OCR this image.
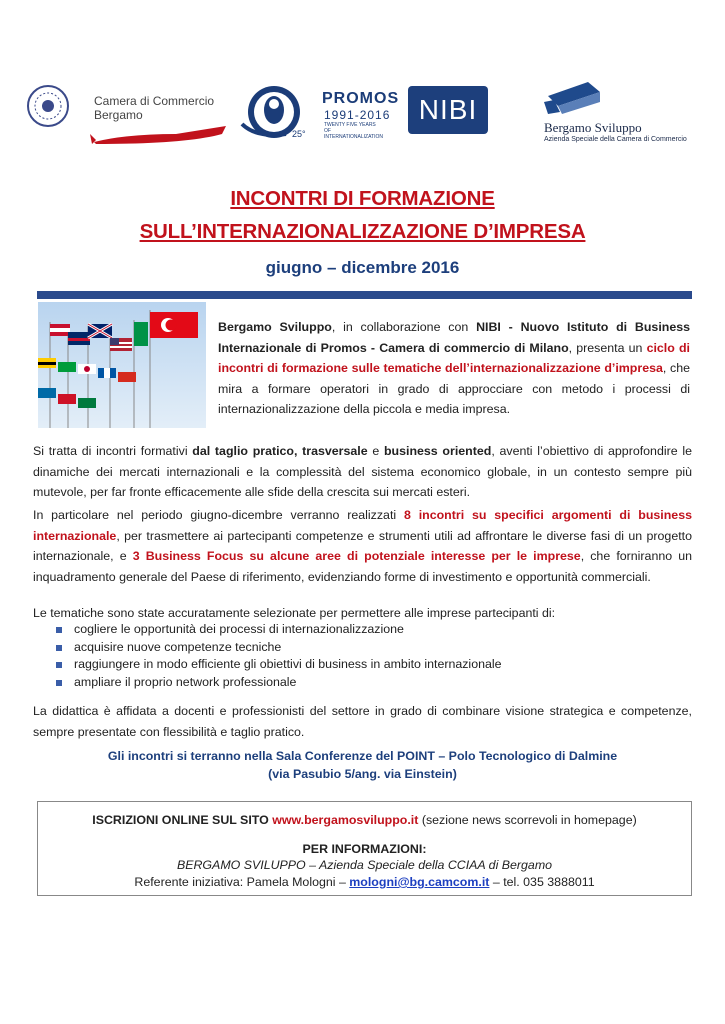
Camera di Commercio
Bergamo
25°
PROMOS
1991-2016
TWENTY FIVE YEARS OF INTERNATIONALIZATION
NIBI
Bergamo Sviluppo
Azienda Speciale della Camera di Commercio
INCONTRI DI FORMAZIONE
SULL’INTERNAZIONALIZZAZIONE D’IMPRESA
giugno – dicembre 2016
Bergamo Sviluppo, in collaborazione con NIBI - Nuovo Istituto di Business Internazionale di Promos - Camera di commercio di Milano, presenta un ciclo di incontri di formazione sulle tematiche dell’internazionalizzazione d’impresa, che mira a formare operatori in grado di approcciare con metodo i processi di internazionalizzazione della piccola e media impresa.
Si tratta di incontri formativi dal taglio pratico, trasversale e business oriented, aventi l’obiettivo di approfondire le dinamiche dei mercati internazionali e la complessità del sistema economico globale, in un contesto sempre più mutevole, per far fronte efficacemente alle sfide della crescita sui mercati esteri.
In particolare nel periodo giugno-dicembre verranno realizzati 8 incontri su specifici argomenti di business internazionale, per trasmettere ai partecipanti competenze e strumenti utili ad affrontare le diverse fasi di un progetto internazionale, e 3 Business Focus su alcune aree di potenziale interesse per le imprese, che forniranno un inquadramento generale del Paese di riferimento, evidenziando forme di investimento e opportunità commerciali.
Le tematiche sono state accuratamente selezionate per permettere alle imprese partecipanti di:
cogliere le opportunità dei processi di internazionalizzazione
acquisire nuove competenze tecniche
raggiungere in modo efficiente gli obiettivi di business in ambito internazionale
ampliare il proprio network professionale
La didattica è affidata a docenti e professionisti del settore in grado di combinare visione strategica e competenze, sempre presentate con flessibilità e taglio pratico.
Gli incontri si terranno nella Sala Conferenze del POINT – Polo Tecnologico di Dalmine
(via Pasubio 5/ang. via Einstein)
ISCRIZIONI ONLINE SUL SITO www.bergamosviluppo.it (sezione news scorrevoli in homepage)
PER INFORMAZIONI:
BERGAMO SVILUPPO – Azienda Speciale della CCIAA di Bergamo
Referente iniziativa: Pamela Mologni – mologni@bg.camcom.it – tel. 035 3888011
